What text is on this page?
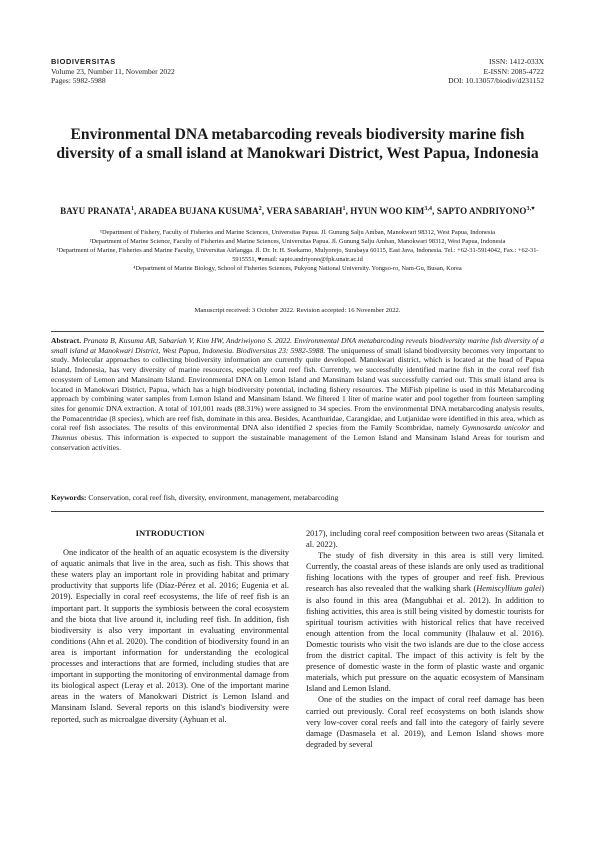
BIODIVERSITAS
Volume 23, Number 11, November 2022
Pages: 5982-5988
ISSN: 1412-033X
E-ISSN: 2085-4722
DOI: 10.13057/biodiv/d231152
Environmental DNA metabarcoding reveals biodiversity marine fish diversity of a small island at Manokwari District, West Papua, Indonesia
BAYU PRANATA$^1$, ARADEA BUJANA KUSUMA$^2$, VERA SABARIAH$^1$, HYUN WOO KIM$^{3,4}$, SAPTO $ANDRIYONO^{3,♥}$

¹Department of Fishery, Faculty of Fisheries and Marine Sciences, Universitas Papua. Jl. Gunung Salju Amban, Manokwari 98312, West Papua, Indonesia

²Department of Marine Science, Faculty of Fisheries and Marine Sciences, Universitas Papua. Jl. Gunung Salju Amban, Manokwari 98312, West Papua, Indonesia

³Department of Marine, Fisheries and Marine Faculty, Universitas Airlangga. Jl. Dr. Ir. H. Soekarno, Mulyorejo, Surabaya 60115, East Java, Indonesia. Tel.: +62-31-5914042, Fax.: +62-31-5915551, ♥email: sapto.andriyono@fpk.unair.ac.id

⁴Department of Marine Biology, School of Fisheries Sciences, Pukyong National University. Yongso-ro, Nam-Gu, Busan, Korea

Manuscript received: 3 October 2022. Revision accepted: 16 November 2022.
Abstract. Pranata B, Kusuma AB, Sabariah V, Kim HW, Andriwiyono S. 2022. Environmental DNA metabarcoding reveals biodiversity marine fish diversity of a small island at Manokwari District, West Papua, Indonesia. Biodiversitas 23: 5982-5988. The uniqueness of small island biodiversity becomes very important to study. Molecular approaches to collecting biodiversity information are currently quite developed. Manokwari district, which is located at the head of Papua Island, Indonesia, has very diversity of marine resources, especially coral reef fish. Currently, we successfully identified marine fish in the coral reef fish ecosystem of Lemon and Mansinam Island. Environmental DNA on Lemon Island and Mansinam Island was successfully carried out. This small island area is located in Manokwari District, Papua, which has a high biodiversity potential, including fishery resources. The MiFish pipeline is used in this Metabarcoding approach by combining water samples from Lemon Island and Mansinam Island. We filtered 1 liter of marine water and pool together from fourteen sampling sites for genomic DNA extraction. A total of 101,001 reads (88.31%) were assigned to 34 species. From the environmental DNA metabarcoding analysis results, the Pomacentridae (8 species), which are reef fish, dominate in this area. Besides, Acanthuridae, Carangidae, and Lutjanidae were identified in this area, which as coral reef fish associates. The results of this environmental DNA also identified 2 species from the Family Scombridae, namely Gymnosarda unicolor and Thunnus obesus. This information is expected to support the sustainable management of the Lemon Island and Mansinam Island Areas for tourism and conservation activities.
Keywords: Conservation, coral reef fish, diversity, environment, management, metabarcoding
INTRODUCTION

One indicator of the health of an aquatic ecosystem is the diversity of aquatic animals that live in the area, such as fish. This shows that these waters play an important role in providing habitat and primary productivity that supports life (Díaz-Pérez et al. 2016; Eugenia et al. 2019). Especially in coral reef ecosystems, the life of reef fish is an important part. It supports the symbiosis between the coral ecosystem and the biota that live around it, including reef fish. In addition, fish biodiversity is also very important in evaluating environmental conditions (Ahn et al. 2020). The condition of biodiversity found in an area is important information for understanding the ecological processes and interactions that are formed, including studies that are important in supporting the monitoring of environmental damage from its biological aspect (Leray et al. 2013). One of the important marine areas in the waters of Manokwari District is Lemon Island and Mansinam Island. Several reports on this island's biodiversity were reported, such as microalgae diversity (Ayhuan et al.

2017), including coral reef composition between two areas (Sitanala et al. 2022).

The study of fish diversity in this area is still very limited. Currently, the coastal areas of these islands are only used as traditional fishing locations with the types of grouper and reef fish. Previous research has also revealed that the walking shark (Hemiscyllium galei) is also found in this area (Mangubhai et al. 2012). In addition to fishing activities, this area is still being visited by domestic tourists for spiritual tourism activities with historical relics that have received enough attention from the local community (Ihalauw et al. 2016). Domestic tourists who visit the two islands are due to the close access from the district capital. The impact of this activity is felt by the presence of domestic waste in the form of plastic waste and organic materials, which put pressure on the aquatic ecosystem of Mansinam Island and Lemon Island.

One of the studies on the impact of coral reef damage has been carried out previously. Coral reef ecosystems on both islands show very low-cover coral reefs and fall into the category of fairly severe damage (Dasmasela et al. 2019), and Lemon Island shows more degraded by several
